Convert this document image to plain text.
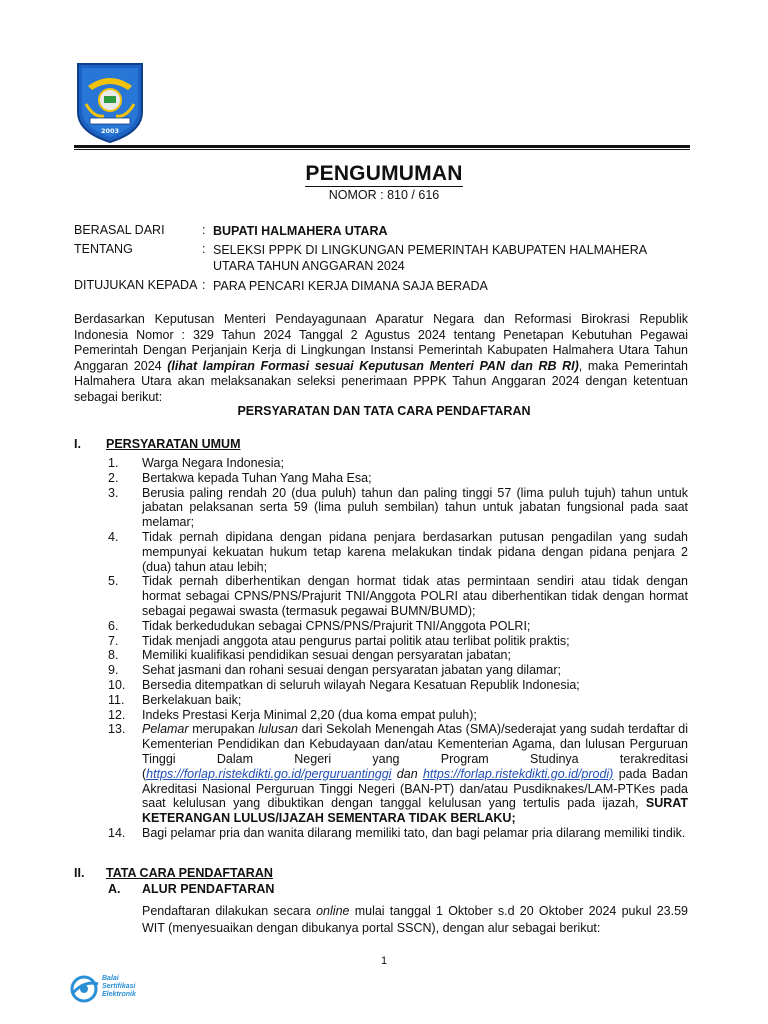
2003
PENGUMUMAN
NOMOR : 810 / 616
BERASAL DARI	: BUPATI HALMAHERA UTARA
TENTANG	: SELEKSI PPPK DI LINGKUNGAN PEMERINTAH KABUPATEN HALMAHERA UTARA TAHUN ANGGARAN 2024
DITUJUKAN KEPADA : PARA PENCARI KERJA DIMANA SAJA BERADA
Berdasarkan Keputusan Menteri Pendayagunaan Aparatur Negara dan Reformasi Birokrasi Republik Indonesia Nomor : 329 Tahun 2024 Tanggal 2 Agustus 2024 tentang Penetapan Kebutuhan Pegawai Pemerintah Dengan Perjanjain Kerja di Lingkungan Instansi Pemerintah Kabupaten Halmahera Utara Tahun Anggaran 2024 (lihat lampiran Formasi sesuai Keputusan Menteri PAN dan RB RI), maka Pemerintah Halmahera Utara akan melaksanakan seleksi penerimaan PPPK Tahun Anggaran 2024 dengan ketentuan sebagai berikut:
PERSYARATAN DAN TATA CARA PENDAFTARAN
I. PERSYARATAN UMUM
1. Warga Negara Indonesia;
2. Bertakwa kepada Tuhan Yang Maha Esa;
3. Berusia paling rendah 20 (dua puluh) tahun dan paling tinggi 57 (lima puluh tujuh) tahun untuk jabatan pelaksanan serta 59 (lima puluh sembilan) tahun untuk jabatan fungsional pada saat melamar;
4. Tidak pernah dipidana dengan pidana penjara berdasarkan putusan pengadilan yang sudah mempunyai kekuatan hukum tetap karena melakukan tindak pidana dengan pidana penjara 2 (dua) tahun atau lebih;
5. Tidak pernah diberhentikan dengan hormat tidak atas permintaan sendiri atau tidak dengan hormat sebagai CPNS/PNS/Prajurit TNI/Anggota POLRI atau diberhentikan tidak dengan hormat sebagai pegawai swasta (termasuk pegawai BUMN/BUMD);
6. Tidak berkedudukan sebagai CPNS/PNS/Prajurit TNI/Anggota POLRI;
7. Tidak menjadi anggota atau pengurus partai politik atau terlibat politik praktis;
8. Memiliki kualifikasi pendidikan sesuai dengan persyaratan jabatan;
9. Sehat jasmani dan rohani sesuai dengan persyaratan jabatan yang dilamar;
10. Bersedia ditempatkan di seluruh wilayah Negara Kesatuan Republik Indonesia;
11. Berkelakuan baik;
12. Indeks Prestasi Kerja Minimal 2,20 (dua koma empat puluh);
13. Pelamar merupakan lulusan dari Sekolah Menengah Atas (SMA)/sederajat yang sudah terdaftar di Kementerian Pendidikan dan Kebudayaan dan/atau Kementerian Agama, dan lulusan Perguruan Tinggi Dalam Negeri yang Program Studinya terakreditasi (https://forlap.ristekdikti.go.id/perguruantinggi dan https://forlap.ristekdikti.go.id/prodi) pada Badan Akreditasi Nasional Perguruan Tinggi Negeri (BAN-PT) dan/atau Pusdiknakes/LAM-PTKes pada saat kelulusan yang dibuktikan dengan tanggal kelulusan yang tertulis pada ijazah, SURAT KETERANGAN LULUS/IJAZAH SEMENTARA TIDAK BERLAKU;
14. Bagi pelamar pria dan wanita dilarang memiliki tato, dan bagi pelamar pria dilarang memiliki tindik.
II. TATA CARA PENDAFTARAN
A. ALUR PENDAFTARAN
Pendaftaran dilakukan secara online mulai tanggal 1 Oktober s.d 20 Oktober 2024 pukul 23.59 WIT (menyesuaikan dengan dibukanya portal SSCN), dengan alur sebagai berikut:
1
Balai
Sertifikasi
Elektronik
